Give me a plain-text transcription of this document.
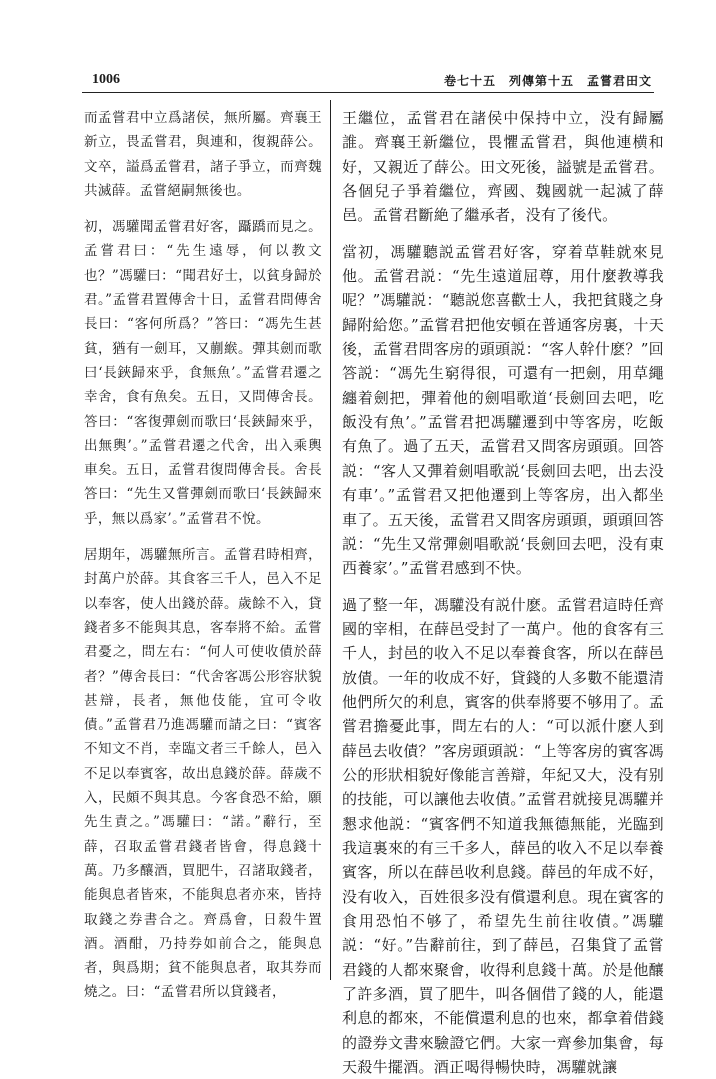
1006	卷七十五　列傳第十五　孟嘗君田文

而孟嘗君中立爲諸侯，無所屬。齊襄王新立，畏孟嘗君，與連和，復親薛公。文卒，謚爲孟嘗君，諸子爭立，而齊魏共滅薛。孟嘗絕嗣無後也。

初，馮驩聞孟嘗君好客，躡蹻而見之。孟嘗君曰：“先生遠辱，何以教文也？”馮驩曰：“聞君好士，以貧身歸於君。”孟嘗君置傳舍十日，孟嘗君問傳舍長曰：“客何所爲？”答曰：“馮先生甚貧，猶有一劍耳，又蒯緱。彈其劍而歌曰‘長鋏歸來乎，食無魚’。”孟嘗君遷之幸舍，食有魚矣。五日，又問傳舍長。答曰：“客復彈劍而歌曰‘長鋏歸來乎，出無輿’。”孟嘗君遷之代舍，出入乘輿車矣。五日，孟嘗君復問傳舍長。舍長答曰：“先生又嘗彈劍而歌曰‘長鋏歸來乎，無以爲家’。”孟嘗君不悅。

居期年，馮驩無所言。孟嘗君時相齊，封萬户於薛。其食客三千人，邑入不足以奉客，使人出錢於薛。歲餘不入，貸錢者多不能與其息，客奉將不給。孟嘗君憂之，問左右：“何人可使收債於薛者？”傳舍長曰：“代舍客馮公形容狀貌甚辯，長者，無他伎能，宜可令收債。”孟嘗君乃進馮驩而請之曰：“賓客不知文不肖，幸臨文者三千餘人，邑入不足以奉賓客，故出息錢於薛。薛歲不入，民頗不與其息。今客食恐不給，願先生責之。”馮驩曰：“諾。”辭行，至薛，召取孟嘗君錢者皆會，得息錢十萬。乃多釀酒，買肥牛，召諸取錢者，能與息者皆來，不能與息者亦來，皆持取錢之券書合之。齊爲會，日殺牛置酒。酒酣，乃持券如前合之，能與息者，與爲期；貧不能與息者，取其券而燒之。曰：“孟嘗君所以貸錢者，

王繼位，孟嘗君在諸侯中保持中立，没有歸屬誰。齊襄王新繼位，畏懼孟嘗君，與他連横和好，又親近了薛公。田文死後，謚號是孟嘗君。各個兒子爭着繼位，齊國、魏國就一起滅了薛邑。孟嘗君斷絶了繼承者，没有了後代。

當初，馮驩聽説孟嘗君好客，穿着草鞋就來見他。孟嘗君説：“先生遠道屈尊，用什麼教導我呢？”馮驩説：“聽説您喜歡士人，我把貧賤之身歸附給您。”孟嘗君把他安頓在普通客房裏，十天後，孟嘗君問客房的頭頭説：“客人幹什麽？”回答説：“馮先生窮得很，可還有一把劍，用草繩纏着劍把，彈着他的劍唱歌道‘長劍回去吧，吃飯没有魚’。”孟嘗君把馮驩遷到中等客房，吃飯有魚了。過了五天，孟嘗君又問客房頭頭。回答説：“客人又彈着劍唱歌説‘長劍回去吧，出去没有車’。”孟嘗君又把他遷到上等客房，出入都坐車了。五天後，孟嘗君又問客房頭頭，頭頭回答説：“先生又常彈劍唱歌説‘長劍回去吧，没有東西養家’。”孟嘗君感到不快。

過了整一年，馮驩没有説什麽。孟嘗君這時任齊國的宰相，在薛邑受封了一萬户。他的食客有三千人，封邑的收入不足以奉養食客，所以在薛邑放債。一年的收成不好，貸錢的人多數不能還清他們所欠的利息，賓客的供奉將要不够用了。孟嘗君擔憂此事，問左右的人：“可以派什麽人到薛邑去收債？”客房頭頭説：“上等客房的賓客馮公的形狀相貌好像能言善辯，年紀又大，没有别的技能，可以讓他去收債。”孟嘗君就接見馮驩并懇求他説：“賓客們不知道我無德無能，光臨到我這裏來的有三千多人，薛邑的收入不足以奉養賓客，所以在薛邑收利息錢。薛邑的年成不好，没有收入，百姓很多没有償還利息。現在賓客的食用恐怕不够了，希望先生前往收債。”馮驩説：“好。”告辭前往，到了薛邑，召集貸了孟嘗君錢的人都來聚會，收得利息錢十萬。於是他釀了許多酒，買了肥牛，叫各個借了錢的人，能還利息的都來，不能償還利息的也來，都拿着借錢的證券文書來驗證它們。大家一齊參加集會，每天殺牛擺酒。酒正喝得暢快時，馮驩就讓
